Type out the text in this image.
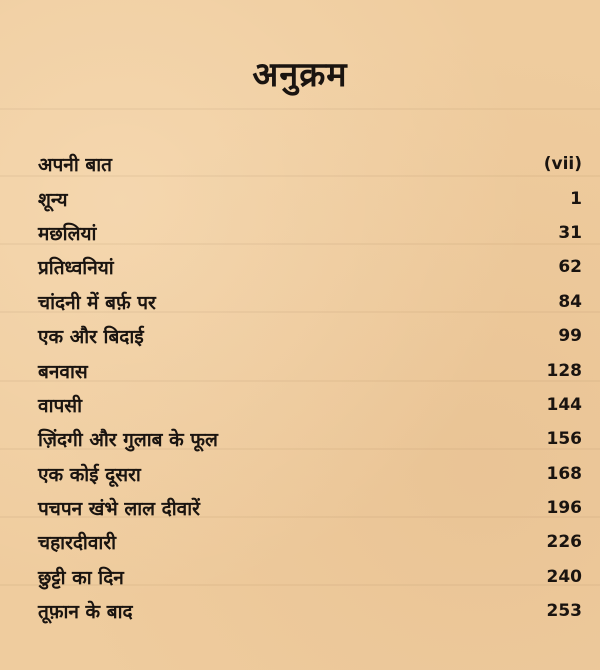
अनुक्रम
अपनी बात	(vii)
शून्य	1
मछलियां	31
प्रतिध्वनियां	62
चांदनी में बर्फ़ पर	84
एक और बिदाई	99
बनवास	128
वापसी	144
ज़िंदगी और गुलाब के फूल	156
एक कोई दूसरा	168
पचपन खंभे लाल दीवारें	196
चहारदीवारी	226
छुट्टी का दिन	240
तूफ़ान के बाद	253
